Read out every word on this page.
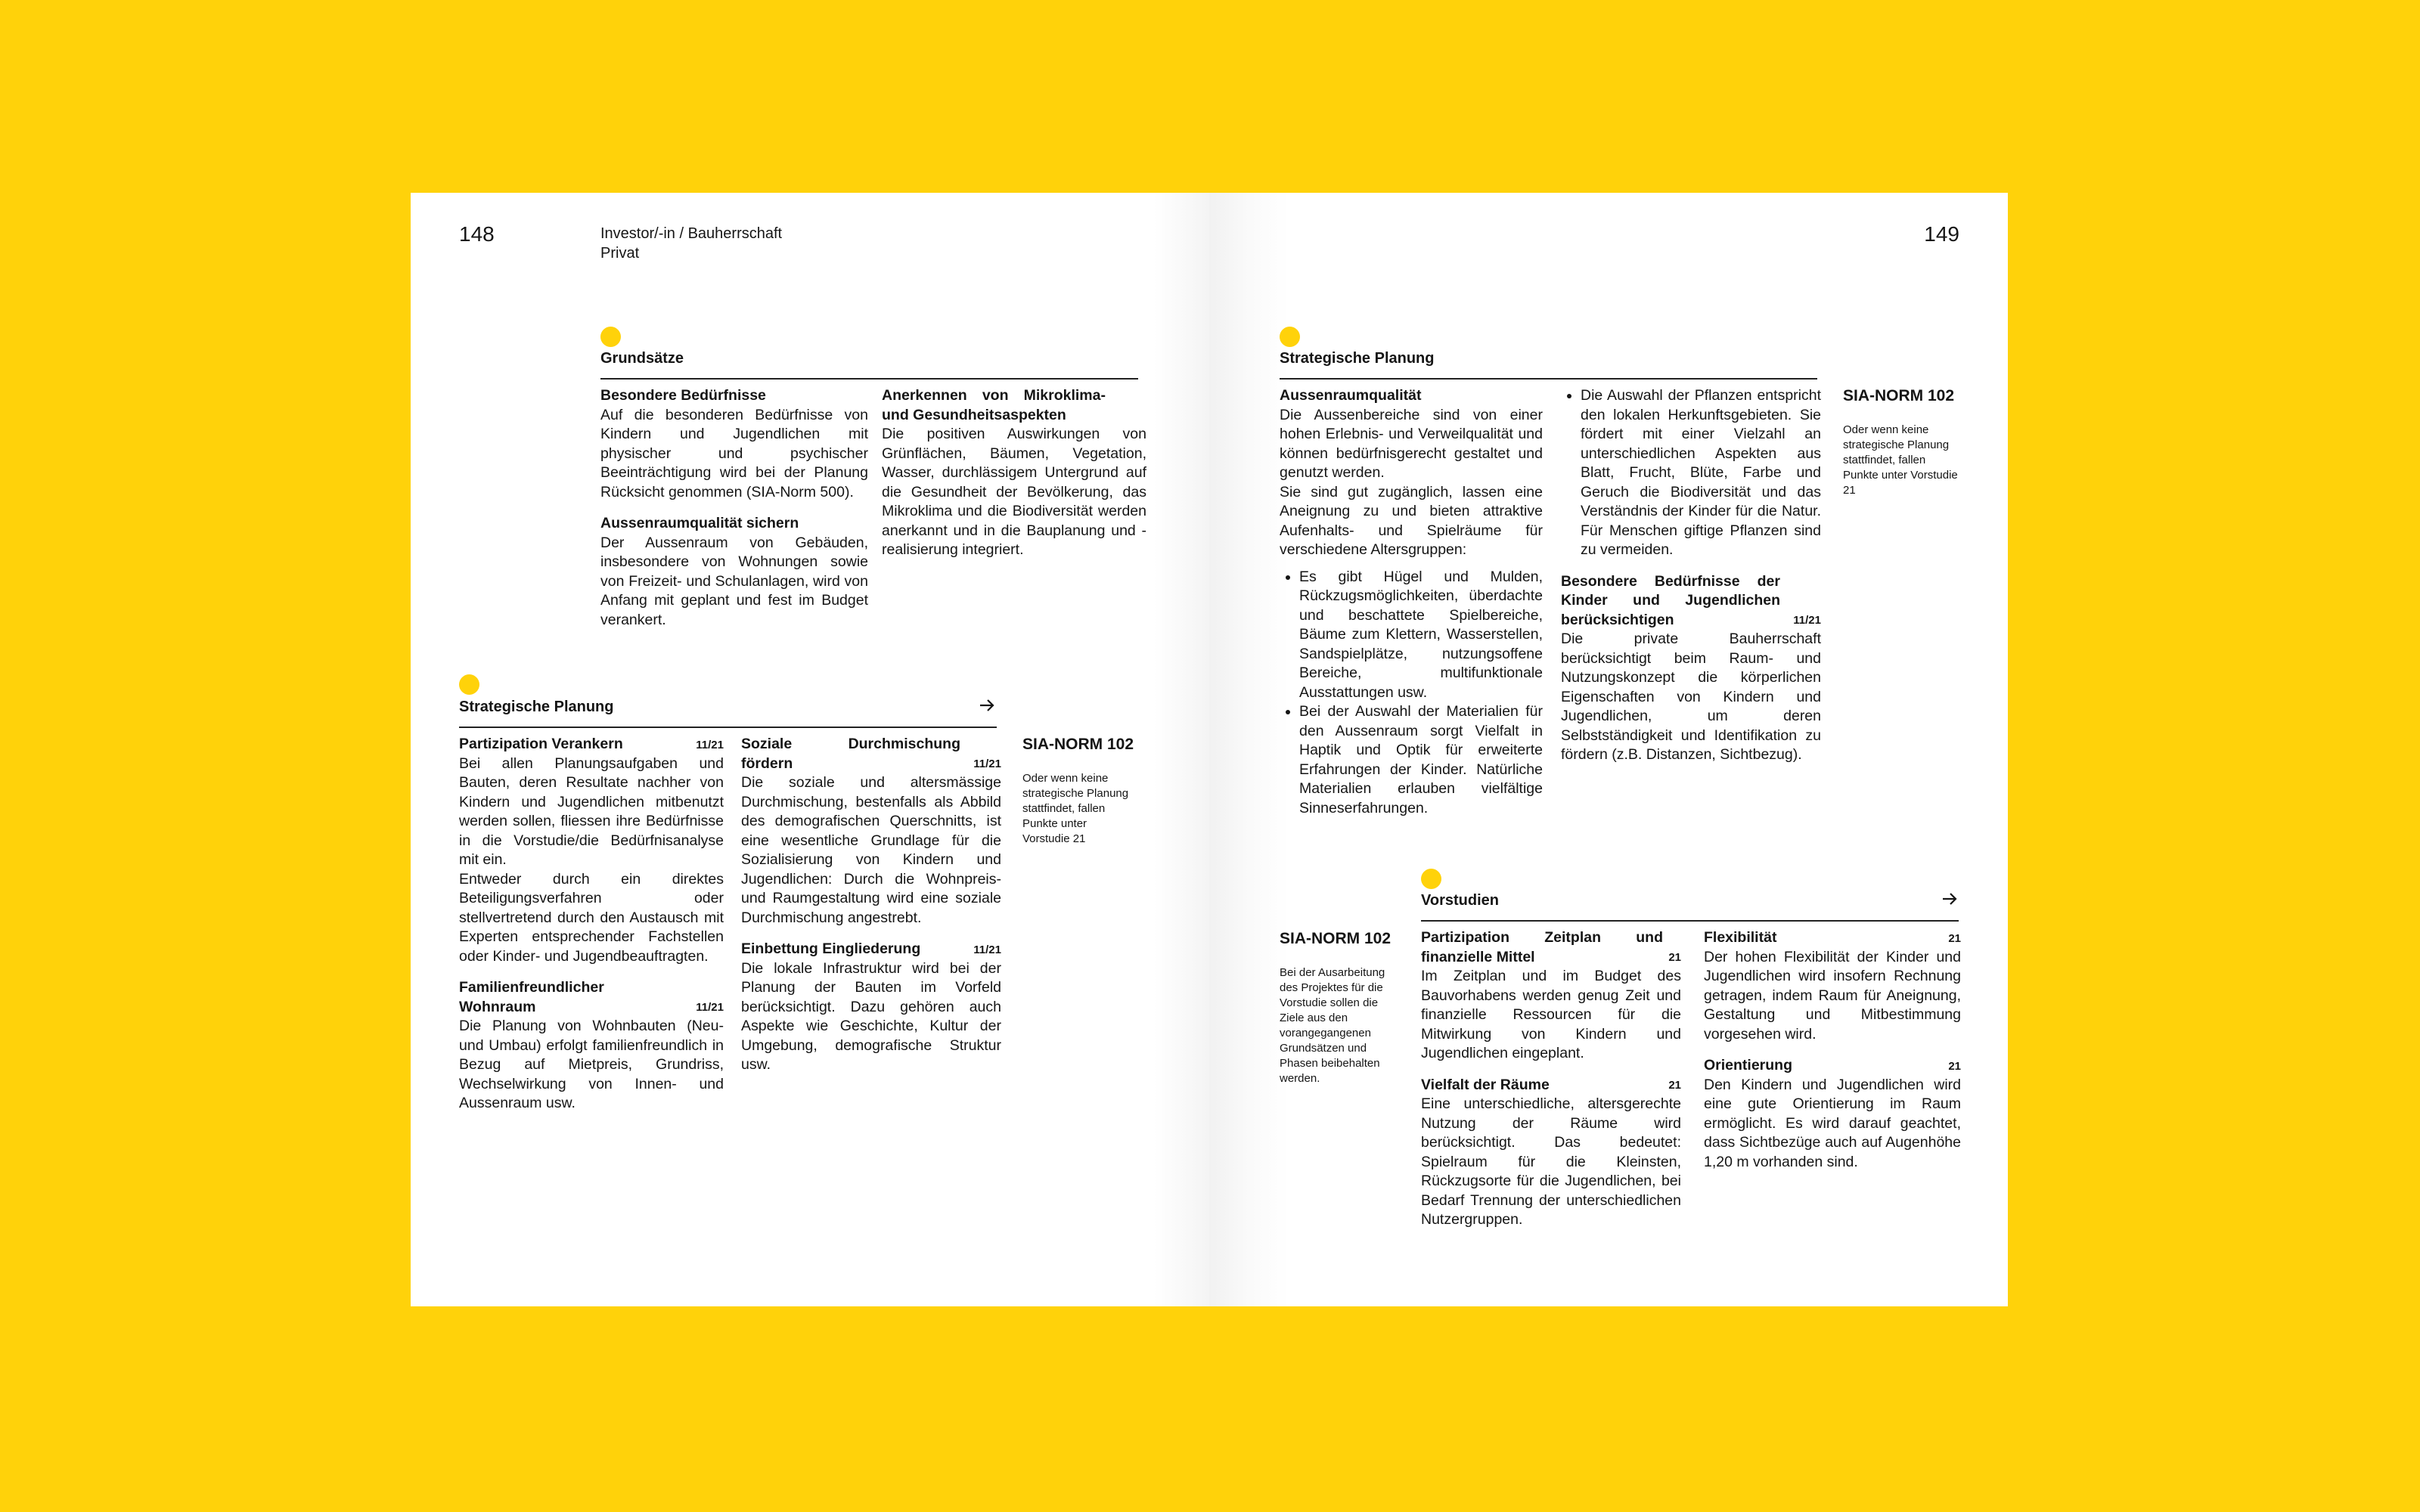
148	Investor/-in / Bauherrschaft
Privat
Grundsätze
Besondere Bedürfnisse

Auf die besonderen Bedürfnisse von Kindern und Jugendlichen mit physischer und psychischer Beeinträchtigung wird bei der Planung Rücksicht genommen (SIA-Norm 500).

Aussenraumqualität sichern

Der Aussenraum von Gebäuden, insbesondere von Wohnungen sowie von Freizeit- und Schulanlagen, wird von Anfang mit geplant und fest im Budget verankert.

Anerkennen von Mikroklima- und Gesundheitsaspekten

Die positiven Auswirkungen von Grünflächen, Bäumen, Vegetation, Wasser, durchlässigem Untergrund auf die Gesundheit der Bevölkerung, das Mikroklima und die Biodiversität werden anerkannt und in die Bauplanung und -realisierung integriert.

Strategische Planung
Partizipation Verankern	11/21

Bei allen Planungsaufgaben und Bauten, deren Resultate nachher von Kindern und Jugendlichen mitbenutzt werden sollen, fliessen ihre Bedürfnisse in die Vorstudie/die Bedürfnisanalyse mit ein.

Entweder durch ein direktes Beteiligungsverfahren oder stellvertretend durch den Austausch mit Experten entsprechender Fachstellen oder Kinder- und Jugendbeauftragten.

Familienfreundlicher Wohnraum	11/21

Die Planung von Wohnbauten (Neu- und Umbau) erfolgt familienfreundlich in Bezug auf Mietpreis, Grundriss, Wechselwirkung von Innen- und Aussenraum usw.

Soziale Durchmischung fördern	11/21

Die soziale und altersmässige Durchmischung, bestenfalls als Abbild des demografischen Querschnitts, ist eine wesentliche Grundlage für die Sozialisierung von Kindern und Jugendlichen: Durch die Wohnpreis- und Raumgestaltung wird eine soziale Durchmischung angestrebt.

Einbettung Eingliederung	11/21

Die lokale Infrastruktur wird bei der Planung der Bauten im Vorfeld berücksichtigt. Dazu gehören auch Aspekte wie Geschichte, Kultur der Umgebung, demografische Struktur usw.

SIA-NORM 102
Oder wenn keine strategische Planung stattfindet, fallen Punkte unter Vorstudie 21
149
Strategische Planung
Aussenraumqualität

Die Aussenbereiche sind von einer hohen Erlebnis- und Verweilqualität und können bedürfnisgerecht gestaltet und genutzt werden.

Sie sind gut zugänglich, lassen eine Aneignung zu und bieten attraktive Aufenhalts- und Spielräume für verschiedene Altersgruppen:

• Es gibt Hügel und Mulden, Rückzugsmöglichkeiten, überdachte und beschattete Spielbereiche, Bäume zum Klettern, Wasserstellen, Sandspielplätze, nutzungsoffene Bereiche, multifunktionale Ausstattungen usw.
• Bei der Auswahl der Materialien für den Aussenraum sorgt Vielfalt in Haptik und Optik für erweiterte Erfahrungen der Kinder. Natürliche Materialien erlauben vielfältige Sinneserfahrungen.
• Die Auswahl der Pflanzen entspricht den lokalen Herkunftsgebieten. Sie fördert mit einer Vielzahl an unterschiedlichen Aspekten aus Blatt, Frucht, Blüte, Farbe und Geruch die Biodiversität und das Verständnis der Kinder für die Natur. Für Menschen giftige Pflanzen sind zu vermeiden.
Besondere Bedürfnisse der Kinder und Jugendlichen berücksichtigen	11/21

Die private Bauherrschaft berücksichtigt beim Raum- und Nutzungskonzept die körperlichen Eigenschaften von Kindern und Jugendlichen, um deren Selbstständigkeit und Identifikation zu fördern (z.B. Distanzen, Sichtbezug).

SIA-NORM 102
Oder wenn keine strategische Planung stattfindet, fallen Punkte unter Vorstudie 21
SIA-NORM 102
Bei der Ausarbeitung des Projektes für die Vorstudie sollen die Ziele aus den vorangegangenen Grundsätzen und Phasen beibehalten werden.
Vorstudien
Partizipation Zeitplan und finanzielle Mittel	21

Im Zeitplan und im Budget des Bauvorhabens werden genug Zeit und finanzielle Ressourcen für die Mitwirkung von Kindern und Jugendlichen eingeplant.

Vielfalt der Räume	21

Eine unterschiedliche, altersgerechte Nutzung der Räume wird berücksichtigt. Das bedeutet: Spielraum für die Kleinsten, Rückzugsorte für die Jugendlichen, bei Bedarf Trennung der unterschiedlichen Nutzergruppen.

Flexibilität	21

Der hohen Flexibilität der Kinder und Jugendlichen wird insofern Rechnung getragen, indem Raum für Aneignung, Gestaltung und Mitbestimmung vorgesehen wird.

Orientierung	21

Den Kindern und Jugendlichen wird eine gute Orientierung im Raum ermöglicht. Es wird darauf geachtet, dass Sichtbezüge auch auf Augenhöhe 1,20 m vorhanden sind.
